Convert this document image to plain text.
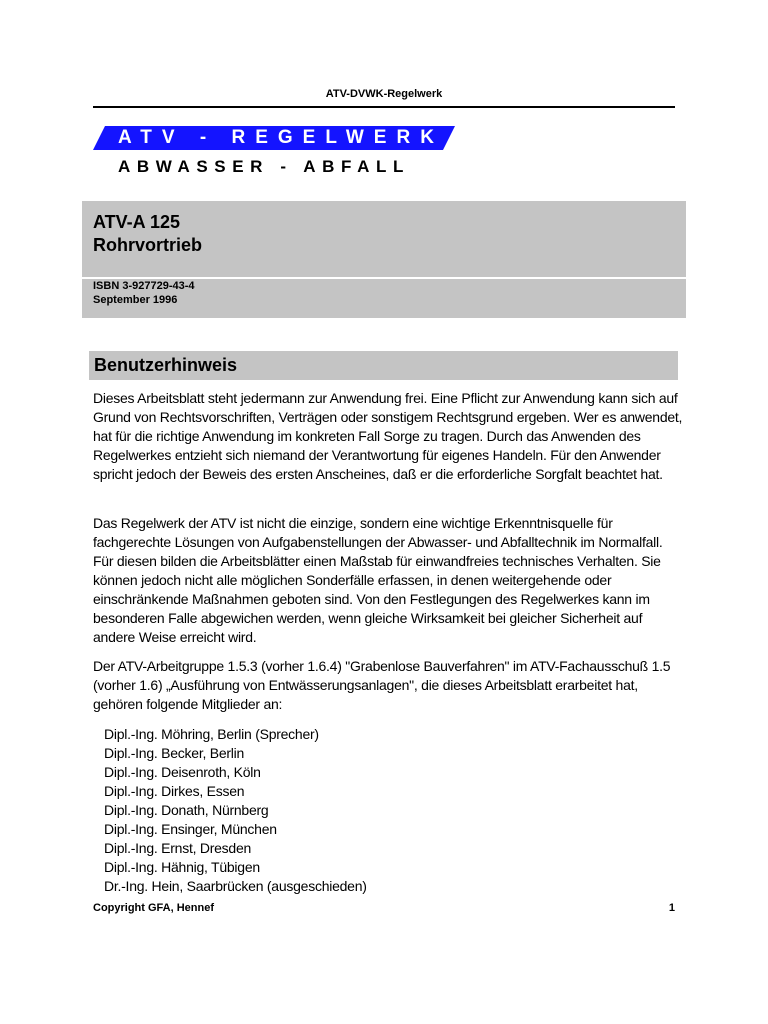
ATV-DVWK-Regelwerk
ATV - REGELWERK
ABWASSER - ABFALL
ATV-A 125
Rohrvortrieb
ISBN 3-927729-43-4
September 1996
Benutzerhinweis

Dieses Arbeitsblatt steht jedermann zur Anwendung frei. Eine Pflicht zur Anwendung kann sich auf Grund von Rechtsvorschriften, Verträgen oder sonstigem Rechtsgrund ergeben. Wer es anwendet, hat für die richtige Anwendung im konkreten Fall Sorge zu tragen. Durch das Anwenden des Regelwerkes entzieht sich niemand der Verantwortung für eigenes Handeln. Für den Anwender spricht jedoch der Beweis des ersten Anscheines, daß er die erforderliche Sorgfalt beachtet hat.

Das Regelwerk der ATV ist nicht die einzige, sondern eine wichtige Erkenntnisquelle für fachgerechte Lösungen von Aufgabenstellungen der Abwasser- und Abfalltechnik im Normalfall. Für diesen bilden die Arbeitsblätter einen Maßstab für einwandfreies technisches Verhalten. Sie können jedoch nicht alle möglichen Sonderfälle erfassen, in denen weitergehende oder einschränkende Maßnahmen geboten sind. Von den Festlegungen des Regelwerkes kann im besonderen Falle abgewichen werden, wenn gleiche Wirksamkeit bei gleicher Sicherheit auf andere Weise erreicht wird.

Der ATV-Arbeitgruppe 1.5.3 (vorher 1.6.4) "Grabenlose Bauverfahren" im ATV-Fachausschuß 1.5 (vorher 1.6) „Ausführung von Entwässerungsanlagen", die dieses Arbeitsblatt erarbeitet hat, gehören folgende Mitglieder an:

Dipl.-Ing. Möhring, Berlin (Sprecher)
Dipl.-Ing. Becker, Berlin
Dipl.-Ing. Deisenroth, Köln
Dipl.-Ing. Dirkes, Essen
Dipl.-Ing. Donath, Nürnberg
Dipl.-Ing. Ensinger, München
Dipl.-Ing. Ernst, Dresden
Dipl.-Ing. Hähnig, Tübigen
Dr.-Ing. Hein, Saarbrücken (ausgeschieden)
Copyright GFA, Hennef	1
